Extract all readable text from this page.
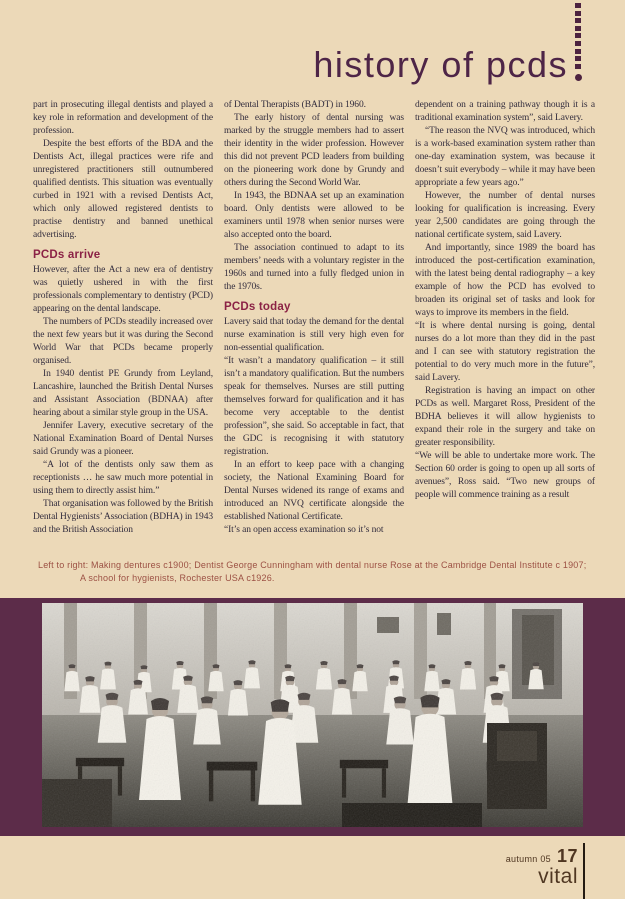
history of pcds

part in prosecuting illegal dentists and played a key role in reformation and development of the profession.

Despite the best efforts of the BDA and the Dentists Act, illegal practices were rife and unregistered practitioners still outnumbered qualified dentists. This situation was eventually curbed in 1921 with a revised Dentists Act, which only allowed registered dentists to practise dentistry and banned unethical advertising.

PCDs arrive

However, after the Act a new era of dentistry was quietly ushered in with the first professionals complementary to dentistry (PCD) appearing on the dental landscape.

The numbers of PCDs steadily increased over the next few years but it was during the Second World War that PCDs became properly organised.

In 1940 dentist PE Grundy from Leyland, Lancashire, launched the British Dental Nurses and Assistant Association (BDNAA) after hearing about a similar style group in the USA.

Jennifer Lavery, executive secretary of the National Examination Board of Dental Nurses said Grundy was a pioneer.

“A lot of the dentists only saw them as receptionists … he saw much more potential in using them to directly assist him.”

That organisation was followed by the British Dental Hygienists’ Association (BDHA) in 1943 and the British Association

of Dental Therapists (BADT) in 1960.

The early history of dental nursing was marked by the struggle members had to assert their identity in the wider profession. However this did not prevent PCD leaders from building on the pioneering work done by Grundy and others during the Second World War.

In 1943, the BDNAA set up an examination board. Only dentists were allowed to be examiners until 1978 when senior nurses were also accepted onto the board.

The association continued to adapt to its members’ needs with a voluntary register in the 1960s and turned into a fully fledged union in the 1970s.

PCDs today

Lavery said that today the demand for the dental nurse examination is still very high even for non-essential qualification.

“It wasn’t a mandatory qualification – it still isn’t a mandatory qualification. But the numbers speak for themselves. Nurses are still putting themselves forward for qualification and it has become very acceptable to the dentist profession”, she said. So acceptable in fact, that the GDC is recognising it with statutory registration.

In an effort to keep pace with a changing society, the National Examining Board for Dental Nurses widened its range of exams and introduced an NVQ certificate alongside the established National Certificate.

“It’s an open access examination so it’s not

dependent on a training pathway though it is a traditional examination system”, said Lavery.

“The reason the NVQ was introduced, which is a work-based examination system rather than one-day examination system, was because it doesn’t suit everybody – while it may have been appropriate a few years ago.”

However, the number of dental nurses looking for qualification is increasing. Every year 2,500 candidates are going through the national certificate system, said Lavery.

And importantly, since 1989 the board has introduced the post-certification examination, with the latest being dental radiography – a key example of how the PCD has evolved to broaden its original set of tasks and look for ways to improve its members in the field.

“It is where dental nursing is going, dental nurses do a lot more than they did in the past and I can see with statutory registration the potential to do very much more in the future”, said Lavery.

Registration is having an impact on other PCDs as well. Margaret Ross, President of the BDHA believes it will allow hygienists to expand their role in the surgery and take on greater responsibility.

“We will be able to undertake more work. The Section 60 order is going to open up all sorts of avenues”, Ross said. “Two new groups of people will commence training as a result

Left to right: Making dentures c1900; Dentist George Cunningham with dental nurse Rose at the Cambridge Dental Institute c 1907;
A school for hygienists, Rochester USA c1926.
autumn 05 17
vital
